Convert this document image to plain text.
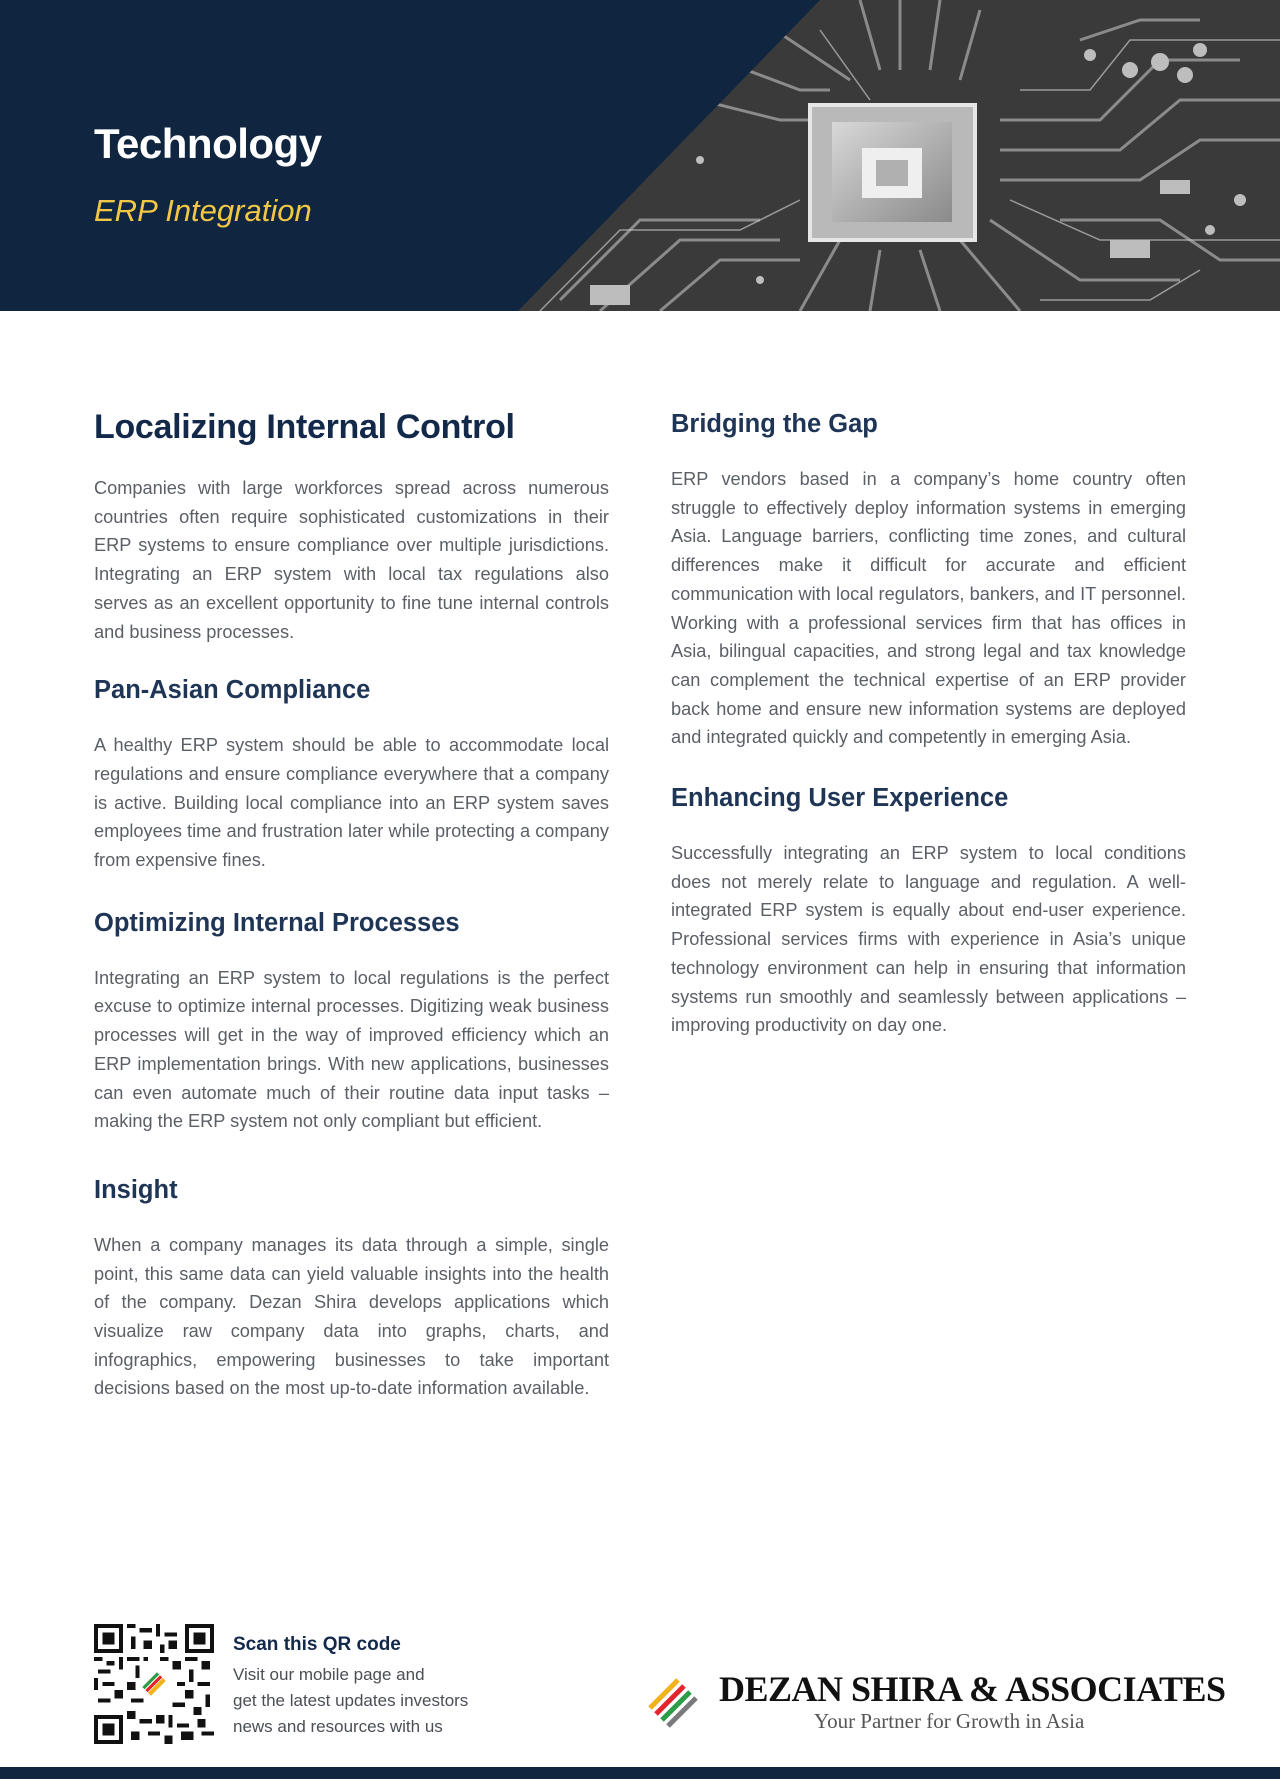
Technology
ERP Integration
Localizing Internal Control

Companies with large workforces spread across numerous countries often require sophisticated customizations in their ERP systems to ensure compliance over multiple jurisdictions. Integrating an ERP system with local tax regulations also serves as an excellent opportunity to fine tune internal controls and business processes.

Pan-Asian Compliance

A healthy ERP system should be able to accommodate local regulations and ensure compliance everywhere that a company is active. Building local compliance into an ERP system saves employees time and frustration later while protecting a company from expensive fines.

Optimizing Internal Processes

Integrating an ERP system to local regulations is the perfect excuse to optimize internal processes. Digitizing weak business processes will get in the way of improved efficiency which an ERP implementation brings. With new applications, businesses can even automate much of their routine data input tasks – making the ERP system not only compliant but efficient.

Insight

When a company manages its data through a simple, single point, this same data can yield valuable insights into the health of the company. Dezan Shira develops applications which visualize raw company data into graphs, charts, and infographics, empowering businesses to take important decisions based on the most up-to-date information available.

Bridging the Gap

ERP vendors based in a company’s home country often struggle to effectively deploy information systems in emerging Asia. Language barriers, conflicting time zones, and cultural differences make it difficult for accurate and efficient communication with local regulators, bankers, and IT personnel. Working with a professional services firm that has offices in Asia, bilingual capacities, and strong legal and tax knowledge can complement the technical expertise of an ERP provider back home and ensure new information systems are deployed and integrated quickly and competently in emerging Asia.

Enhancing User Experience

Successfully integrating an ERP system to local conditions does not merely relate to language and regulation. A well-integrated ERP system is equally about end-user experience. Professional services firms with experience in Asia’s unique technology environment can help in ensuring that information systems run smoothly and seamlessly between applications – improving productivity on day one.

Scan this QR code
Visit our mobile page and
get the latest updates investors
news and resources with us
DEZAN SHIRA & ASSOCIATES
Your Partner for Growth in Asia
